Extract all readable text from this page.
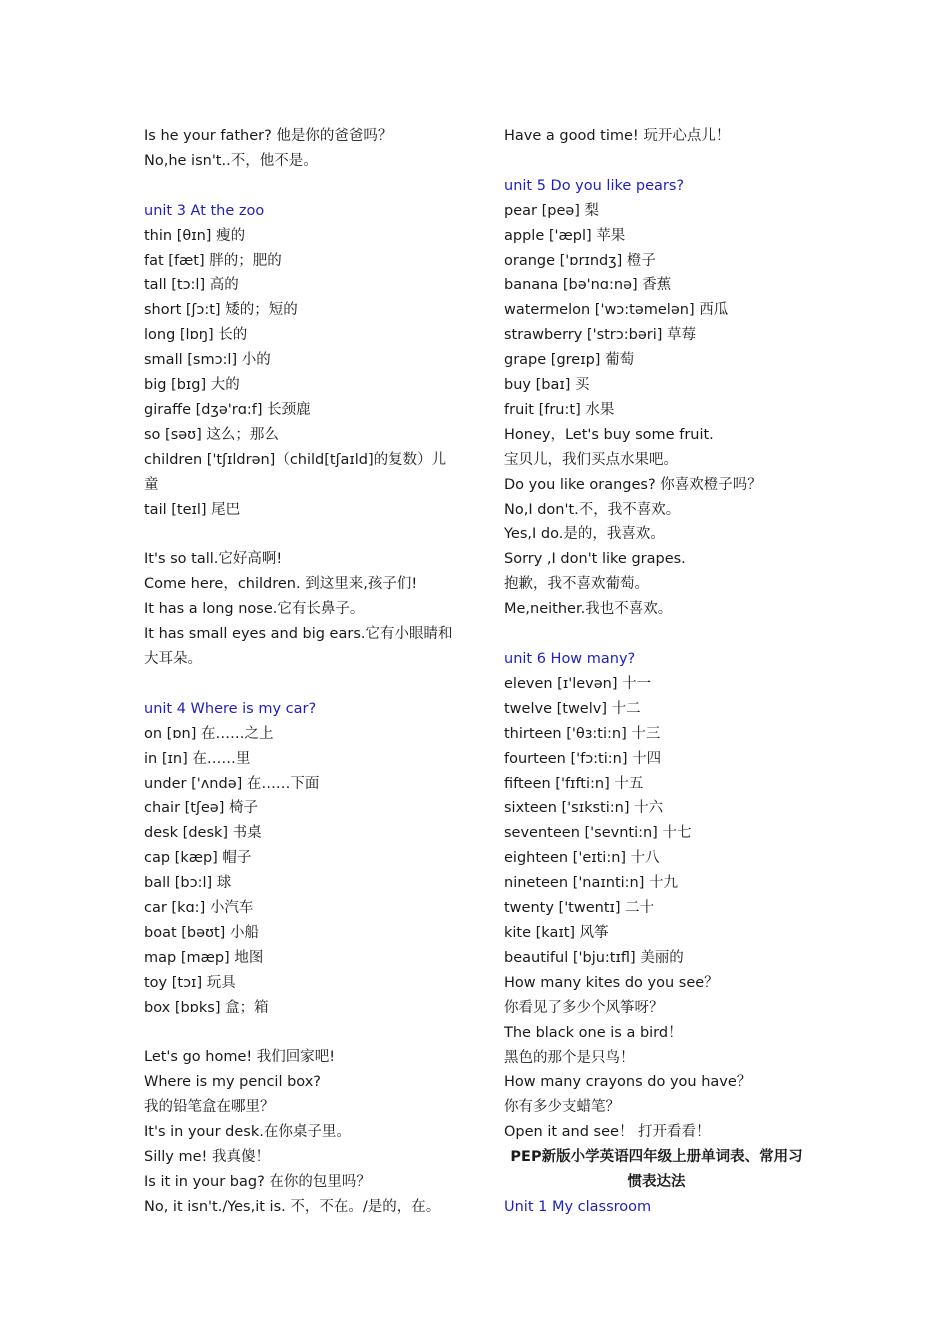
Is he your father? 他是你的爸爸吗？
No,he isn't..不，他不是。
unit 3 At the zoo
thin [θɪn] 瘦的
fat [fæt] 胖的；肥的
tall [tɔ:l] 高的
short [ʃɔ:t] 矮的；短的
long [lɒŋ] 长的
small [smɔ:l] 小的
big [bɪg] 大的
giraffe [dʒə'rɑ:f] 长颈鹿
so [səʊ] 这么；那么
children ['tʃɪldrən]（child[tʃaɪld]的复数）儿童
tail [teɪl] 尾巴
It's so tall.它好高啊!
Come here，children. 到这里来,孩子们!
It has a long nose.它有长鼻子。
It has small eyes and big ears.它有小眼睛和大耳朵。
unit 4 Where is my car?
on [ɒn] 在……之上
in [ɪn] 在……里
under ['ʌndə] 在……下面
chair [tʃeə] 椅子
desk [desk] 书桌
cap [kæp] 帽子
ball [bɔ:l] 球
car [kɑ:] 小汽车
boat [bəʊt] 小船
map [mæp] 地图
toy [tɔɪ] 玩具
box [bɒks] 盒；箱
Let's go home! 我们回家吧!
Where is my pencil box?
我的铅笔盒在哪里？
It's in your desk.在你桌子里。
Silly me! 我真傻！
Is it in your bag? 在你的包里吗？
No, it isn't./Yes,it is. 不，不在。/是的，在。
Have a good time! 玩开心点儿！
unit 5 Do you like pears?
pear [peə] 梨
apple ['æpl] 苹果
orange ['ɒrɪndʒ] 橙子
banana [bə'nɑ:nə] 香蕉
watermelon ['wɔ:təmelən] 西瓜
strawberry ['strɔ:bəri] 草莓
grape [greɪp] 葡萄
buy [baɪ] 买
fruit [fru:t] 水果
Honey，Let's buy some fruit.
宝贝儿，我们买点水果吧。
Do you like oranges? 你喜欢橙子吗？
No,I don't.不，我不喜欢。
Yes,I do.是的，我喜欢。
Sorry ,I don't like grapes.
抱歉，我不喜欢葡萄。
Me,neither.我也不喜欢。
unit 6 How many?
eleven [ɪ'levən] 十一
twelve [twelv] 十二
thirteen ['θɜ:ti:n] 十三
fourteen ['fɔ:ti:n] 十四
fifteen ['fɪfti:n] 十五
sixteen ['sɪksti:n] 十六
seventeen ['sevnti:n] 十七
eighteen ['eɪti:n] 十八
nineteen ['naɪnti:n] 十九
twenty ['twentɪ] 二十
kite [kaɪt] 风筝
beautiful ['bju:tɪfl] 美丽的
How many kites do you see？
你看见了多少个风筝呀？
The black one is a bird！
黑色的那个是只鸟！
How many crayons do you have？
你有多少支蜡笔？
Open it and see！ 打开看看！
PEP新版小学英语四年级上册单词表、常用习惯表达法
Unit 1 My classroom
